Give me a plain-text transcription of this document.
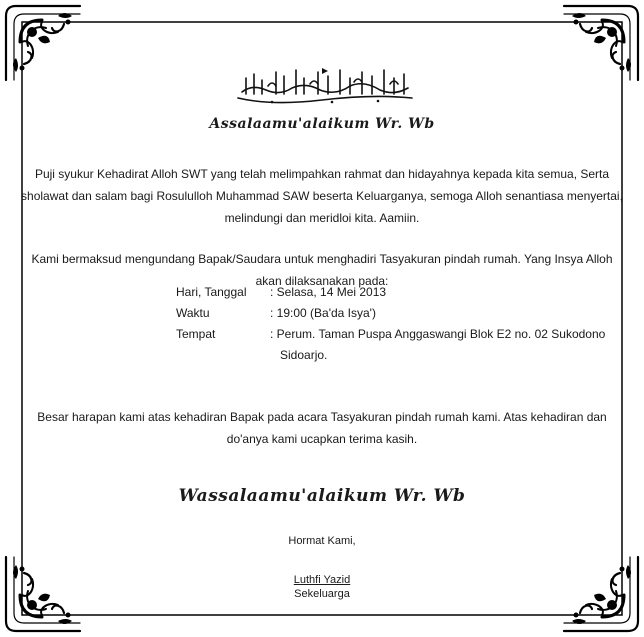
Assalaamu'alaikum Wr. Wb
Puji syukur Kehadirat Alloh SWT yang telah melimpahkan rahmat dan hidayahnya kepada kita semua, Serta sholawat dan salam bagi Rosululloh Muhammad SAW beserta Keluarganya, semoga Alloh senantiasa menyertai, melindungi dan meridloi kita. Aamiin.
Kami bermaksud mengundang Bapak/Saudara untuk menghadiri Tasyakuran pindah rumah. Yang Insya Alloh akan dilaksanakan pada:
Hari, Tanggal	: Selasa, 14 Mei 2013
Waktu	: 19:00 (Ba'da Isya')
Tempat	: Perum. Taman Puspa Anggaswangi Blok E2 no. 02 Sukodono
Sidoarjo.
Besar harapan kami atas kehadiran Bapak pada acara Tasyakuran pindah rumah kami. Atas kehadiran dan do'anya kami ucapkan terima kasih.
Wassalaamu'alaikum Wr. Wb
Hormat Kami,
Luthfi Yazid
Sekeluarga
